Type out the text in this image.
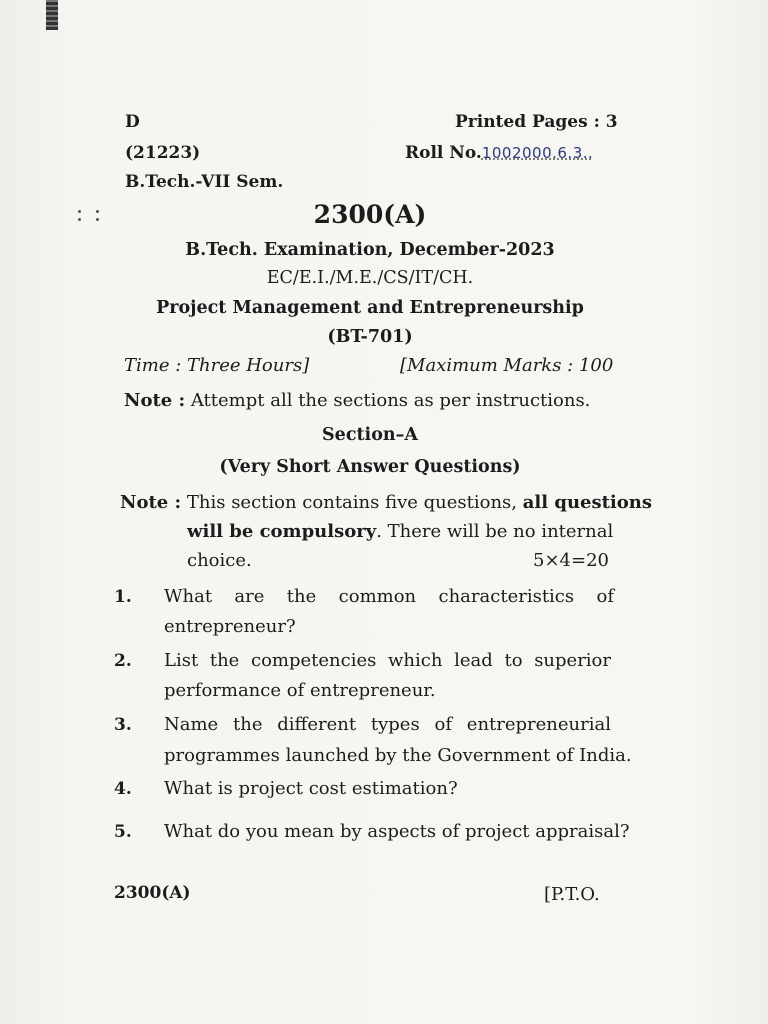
D	Printed Pages : 3
(21223)	Roll No.1002000.6.3..
B.Tech.-VII Sem.
2300(A)
B.Tech. Examination, December-2023
EC/E.I./M.E./CS/IT/CH.
Project Management and Entrepreneurship
(BT-701)
Time : Three Hours]	[Maximum Marks : 100
Note : Attempt all the sections as per instructions.
Section–A
(Very Short Answer Questions)
Note : This section contains five questions, all questions
will be compulsory. There will be no internal
choice.	5×4=20
1. What are the common characteristics of
entrepreneur?
2. List the competencies which lead to superior
performance of entrepreneur.
3. Name the different types of entrepreneurial
programmes launched by the Government of India.
4. What is project cost estimation?
5. What do you mean by aspects of project appraisal?
2300(A)	[P.T.O.
